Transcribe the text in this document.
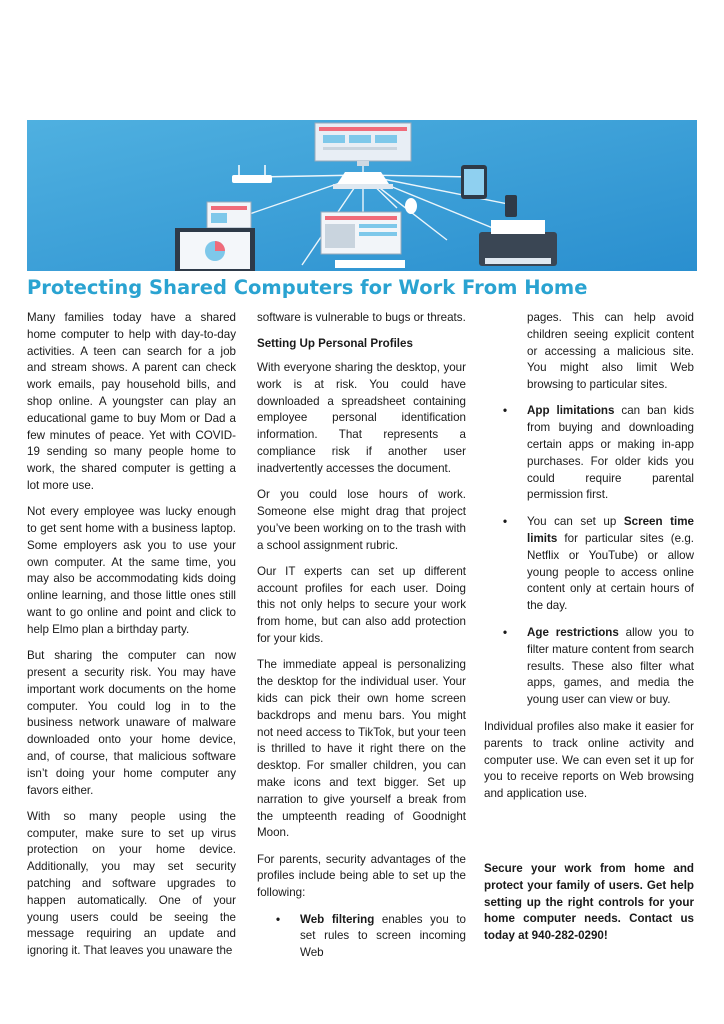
Protecting Shared Computers for Work From Home

Many families today have a shared home computer to help with day-to-day activities. A teen can search for a job and stream shows. A parent can check work emails, pay household bills, and shop online. A youngster can play an educational game to buy Mom or Dad a few minutes of peace. Yet with COVID-19 sending so many people home to work, the shared computer is getting a lot more use.

Not every employee was lucky enough to get sent home with a business laptop. Some employers ask you to use your own computer. At the same time, you may also be accommodating kids doing online learning, and those little ones still want to go online and point and click to help Elmo plan a birthday party.

But sharing the computer can now present a security risk. You may have important work documents on the home computer. You could log in to the business network unaware of malware downloaded onto your home device, and, of course, that malicious software isn’t doing your home computer any favors either.

With so many people using the computer, make sure to set up virus protection on your home device. Additionally, you may set security patching and software upgrades to happen automatically. One of your young users could be seeing the message requiring an update and ignoring it. That leaves you unaware the

software is vulnerable to bugs or threats.

Setting Up Personal Profiles

With everyone sharing the desktop, your work is at risk. You could have downloaded a spreadsheet containing employee personal identification information. That represents a compliance risk if another user inadvertently accesses the document.

Or you could lose hours of work. Someone else might drag that project you’ve been working on to the trash with a school assignment rubric.

Our IT experts can set up different account profiles for each user. Doing this not only helps to secure your work from home, but can also add protection for your kids.

The immediate appeal is personalizing the desktop for the individual user. Your kids can pick their own home screen backdrops and menu bars. You might not need access to TikTok, but your teen is thrilled to have it right there on the desktop. For smaller children, you can make icons and text bigger. Set up narration to give yourself a break from the umpteenth reading of Goodnight Moon.

For parents, security advantages of the profiles include being able to set up the following:

• Web filtering enables you to set rules to screen incoming Web

pages. This can help avoid children seeing explicit content or accessing a malicious site. You might also limit Web browsing to particular sites.

• App limitations can ban kids from buying and downloading certain apps or making in-app purchases. For older kids you could require parental permission first.
• You can set up Screen time limits for particular sites (e.g. Netflix or YouTube) or allow young people to access online content only at certain hours of the day.
• Age restrictions allow you to filter mature content from search results. These also filter what apps, games, and media the young user can view or buy.

Individual profiles also make it easier for parents to track online activity and computer use. We can even set it up for you to receive reports on Web browsing and application use.

Secure your work from home and protect your family of users. Get help setting up the right controls for your home computer needs. Contact us today at 940-282-0290!
